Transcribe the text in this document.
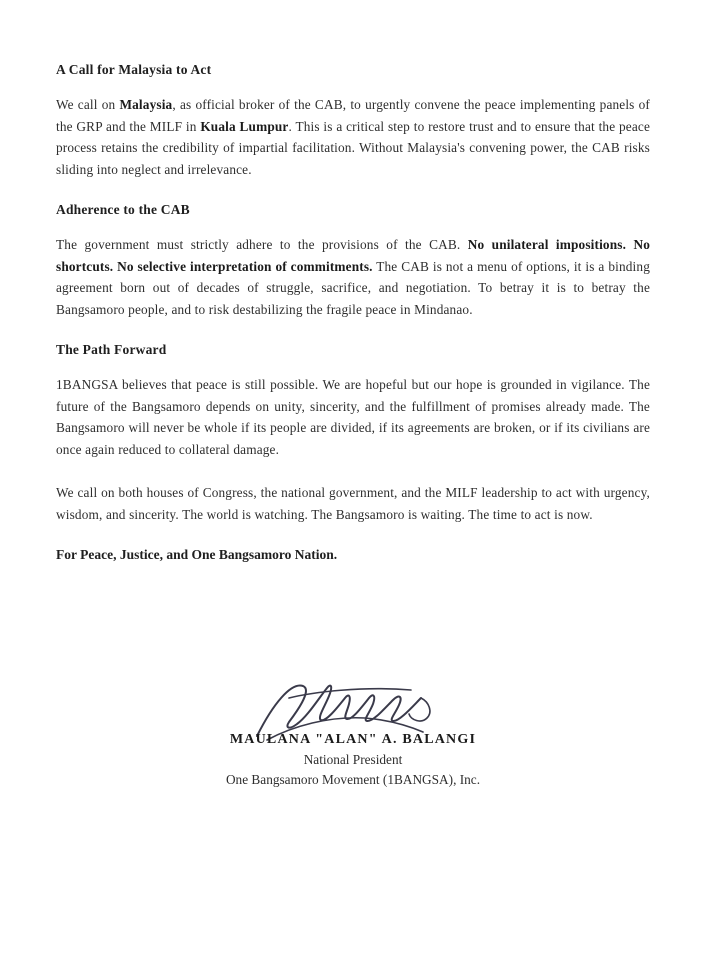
A Call for Malaysia to Act

We call on Malaysia, as official broker of the CAB, to urgently convene the peace implementing panels of the GRP and the MILF in Kuala Lumpur. This is a critical step to restore trust and to ensure that the peace process retains the credibility of impartial facilitation. Without Malaysia's convening power, the CAB risks sliding into neglect and irrelevance.

Adherence to the CAB

The government must strictly adhere to the provisions of the CAB. No unilateral impositions. No shortcuts. No selective interpretation of commitments. The CAB is not a menu of options, it is a binding agreement born out of decades of struggle, sacrifice, and negotiation. To betray it is to betray the Bangsamoro people, and to risk destabilizing the fragile peace in Mindanao.

The Path Forward

1BANGSA believes that peace is still possible. We are hopeful but our hope is grounded in vigilance. The future of the Bangsamoro depends on unity, sincerity, and the fulfillment of promises already made. The Bangsamoro will never be whole if its people are divided, if its agreements are broken, or if its civilians are once again reduced to collateral damage.

We call on both houses of Congress, the national government, and the MILF leadership to act with urgency, wisdom, and sincerity. The world is watching. The Bangsamoro is waiting. The time to act is now.

For Peace, Justice, and One Bangsamoro Nation.

MAULANA "ALAN" A. BALANGI

National President

One Bangsamoro Movement (1BANGSA), Inc.
